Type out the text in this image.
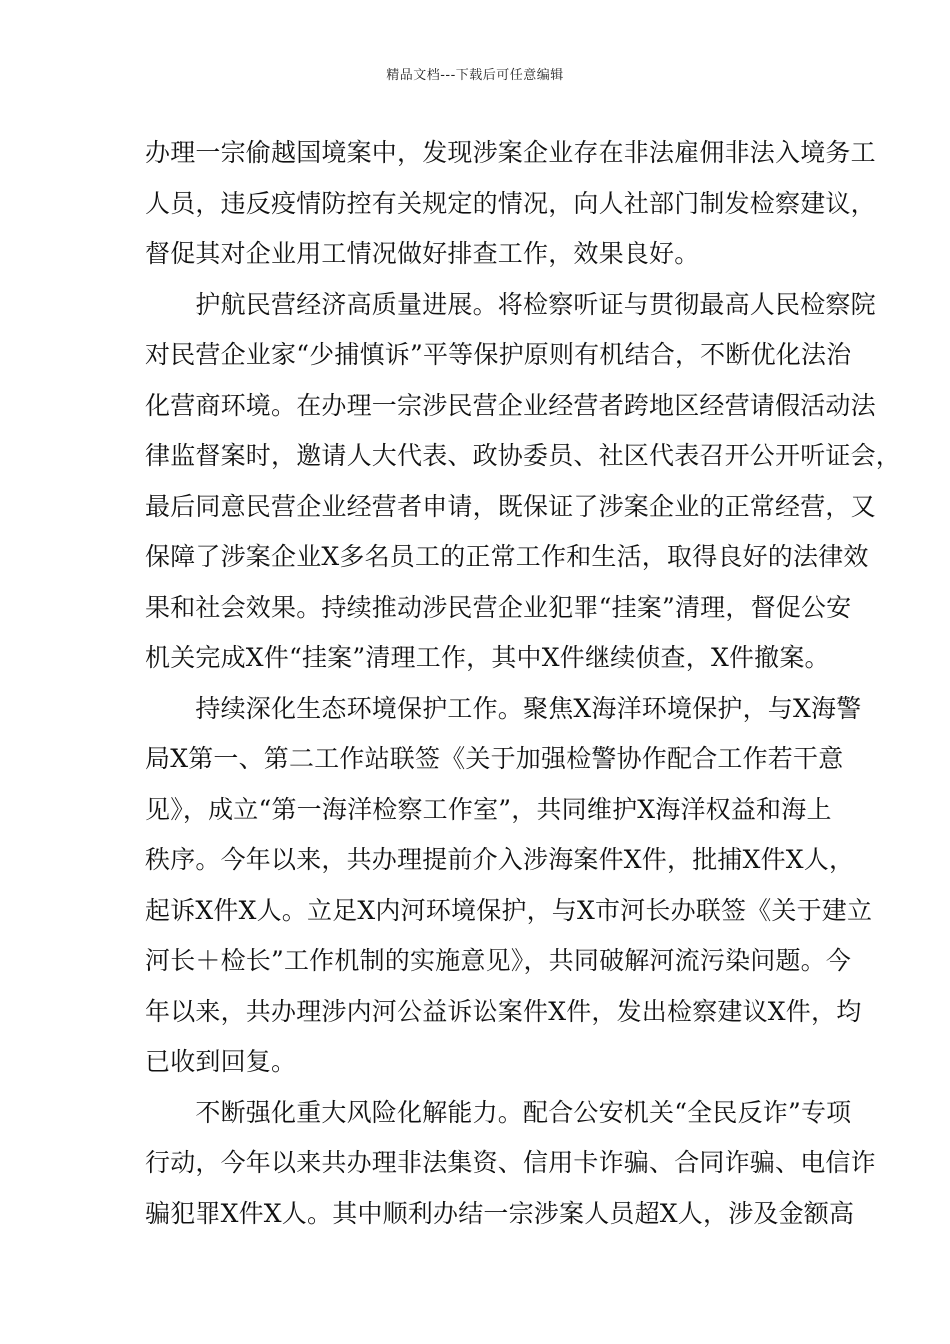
精品文档---下载后可任意编辑

办理一宗偷越国境案中，发现涉案企业存在非法雇佣非法入境务工
人员，违反疫情防控有关规定的情况，向人社部门制发检察建议，
督促其对企业用工情况做好排查工作，效果良好。

　　护航民营经济高质量进展。将检察听证与贯彻最高人民检察院
对民营企业家“少捕慎诉”平等保护原则有机结合，不断优化法治
化营商环境。在办理一宗涉民营企业经营者跨地区经营请假活动法
律监督案时，邀请人大代表、政协委员、社区代表召开公开听证会，
最后同意民营企业经营者申请，既保证了涉案企业的正常经营，又
保障了涉案企业X多名员工的正常工作和生活，取得良好的法律效
果和社会效果。持续推动涉民营企业犯罪“挂案”清理，督促公安
机关完成X件“挂案”清理工作，其中X件继续侦查，X件撤案。

　　持续深化生态环境保护工作。聚焦X海洋环境保护，与X海警
局X第一、第二工作站联签《关于加强检警协作配合工作若干意
见》，成立“第一海洋检察工作室”，共同维护X海洋权益和海上
秩序。今年以来，共办理提前介入涉海案件X件，批捕X件X人，
起诉X件X人。立足X内河环境保护，与X市河长办联签《关于建立
河长＋检长”工作机制的实施意见》，共同破解河流污染问题。今
年以来，共办理涉内河公益诉讼案件X件，发出检察建议X件，均
已收到回复。

　　不断强化重大风险化解能力。配合公安机关“全民反诈”专项
行动，今年以来共办理非法集资、信用卡诈骗、合同诈骗、电信诈
骗犯罪X件X人。其中顺利办结一宗涉案人员超X人，涉及金额高
